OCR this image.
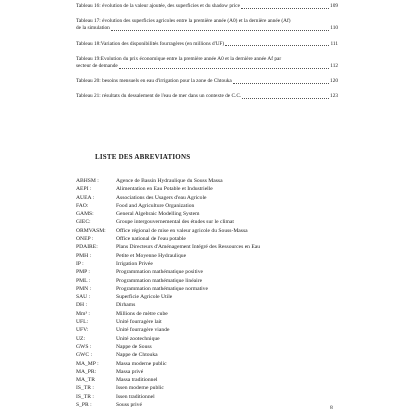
Tableau 16: évolution de la valeur ajoutée, des superficies et du shadow price	109
Tableau 17: évolution des superficies agricoles entre la première année (A0) et la dernière année (Af)
de la simulation	110
Tableau 18:Variation des disponibilités fourragères (en millions d'UF)	111
Tableau 19:Evolution du prix économique entre la première année A0 et la dernière année Af par
secteur de demande	112
Tableau 20: besoins mensuels en eau d'irrigation pour la zone de Chtouka	120
Tableau 21: résultats du dessalement de l'eau de mer dans un contexte de C.C.	123
LISTE DES ABREVIATIONS
ABHSM :	Agence de Bassin Hydraulique du Souss Massa
AEPI :	Alimentation en Eau Potable et Industrielle
AUEA :	Associations des Usagers d'eau Agricole
FAO:	Food and Agriculture Organization
GAMS:	General Algebraic Modelling System
GIEC:	Groupe intergouvernemental des études sur le climat
ORMVASM:	Office régional de mise en valeur agricole du Souss-Massa
ONEP :	Office national de l'eau potable
PDAIRE:	Plans Directeurs d'Aménagement Intégré des Ressources en Eau
PMH :	Petite et Moyenne Hydraulique
IP :	Irrigation Privée
PMP :	Programmation mathématique positive
PML :	Programmation mathématique linéaire
PMN :	Programmation mathématique normative
SAU :	Superficie Agricole Utile
DH :	Dirhams
Mm³ :	Millions de mètre cube
UFL:	Unité fourragère lait
UFV:	Unité fourragère viande
UZ:	Unité zootechnique
GWS :	Nappe de Souss
GWC :	Nappe de Chtouka
MA_MP :	Massa moderne public
MA_PR:	Massa privé
MA_TR	Massa traditionnel
IS_TR :	Issen moderne public
IS_TR :	Issen traditionnel
S_PR :	Souss privé	8
